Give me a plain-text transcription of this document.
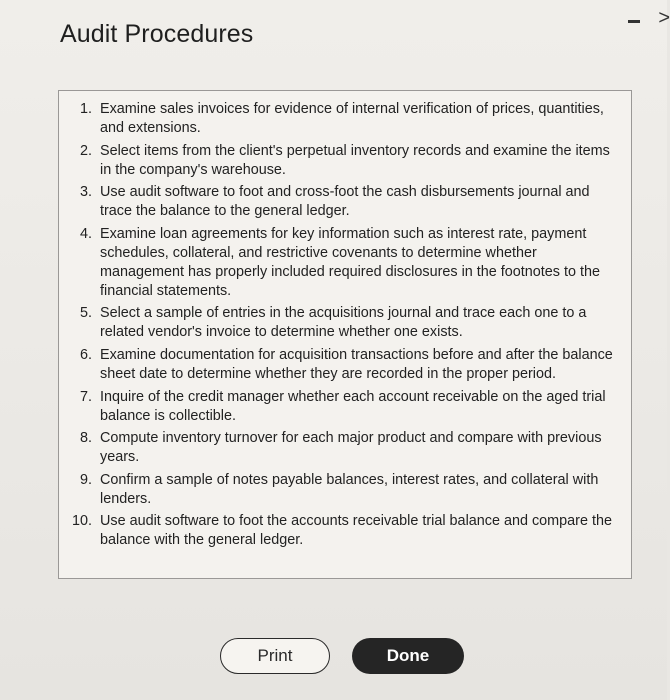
Audit Procedures
>
1. Examine sales invoices for evidence of internal verification of prices, quantities, and extensions.
2. Select items from the client's perpetual inventory records and examine the items in the company's warehouse.
3. Use audit software to foot and cross-foot the cash disbursements journal and trace the balance to the general ledger.
4. Examine loan agreements for key information such as interest rate, payment schedules, collateral, and restrictive covenants to determine whether management has properly included required disclosures in the footnotes to the financial statements.
5. Select a sample of entries in the acquisitions journal and trace each one to a related vendor's invoice to determine whether one exists.
6. Examine documentation for acquisition transactions before and after the balance sheet date to determine whether they are recorded in the proper period.
7. Inquire of the credit manager whether each account receivable on the aged trial balance is collectible.
8. Compute inventory turnover for each major product and compare with previous years.
9. Confirm a sample of notes payable balances, interest rates, and collateral with lenders.
10. Use audit software to foot the accounts receivable trial balance and compare the balance with the general ledger.
Print	Done
